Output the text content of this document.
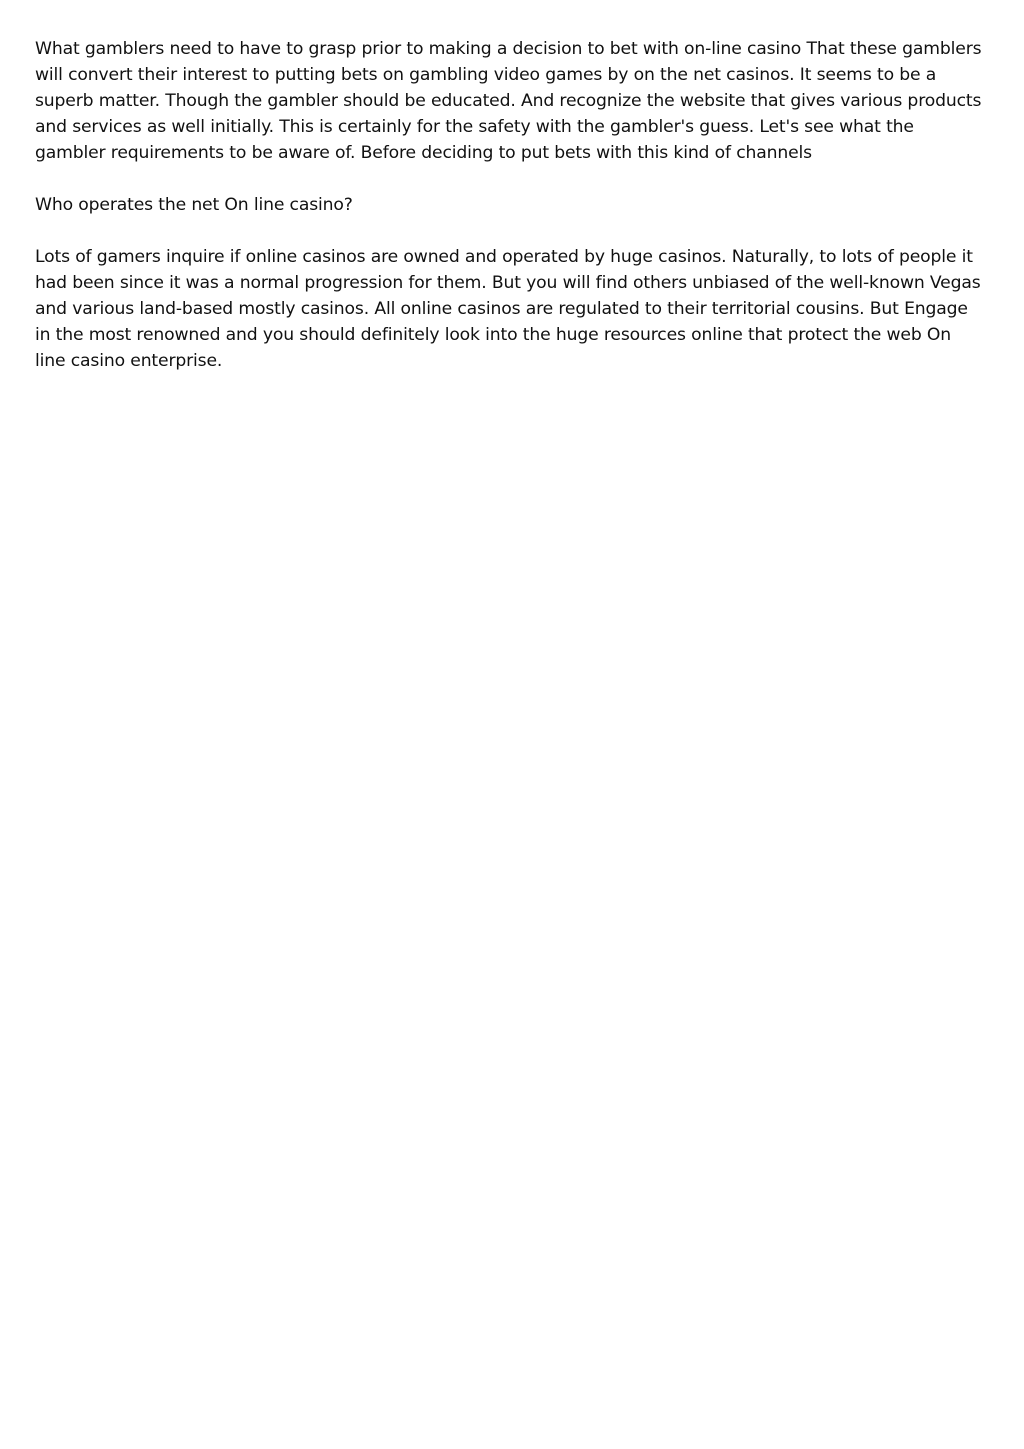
What gamblers need to have to grasp prior to making a decision to bet with on-line casino That these gamblers will convert their interest to putting bets on gambling video games by on the net casinos. It seems to be a superb matter. Though the gambler should be educated. And recognize the website that gives various products and services as well initially. This is certainly for the safety with the gambler's guess. Let's see what the gambler requirements to be aware of. Before deciding to put bets with this kind of channels

Who operates the net On line casino?

Lots of gamers inquire if online casinos are owned and operated by huge casinos. Naturally, to lots of people it had been since it was a normal progression for them. But you will find others unbiased of the well-known Vegas and various land-based mostly casinos. All online casinos are regulated to their territorial cousins. But Engage in the most renowned and you should definitely look into the huge resources online that protect the web On line casino enterprise.
